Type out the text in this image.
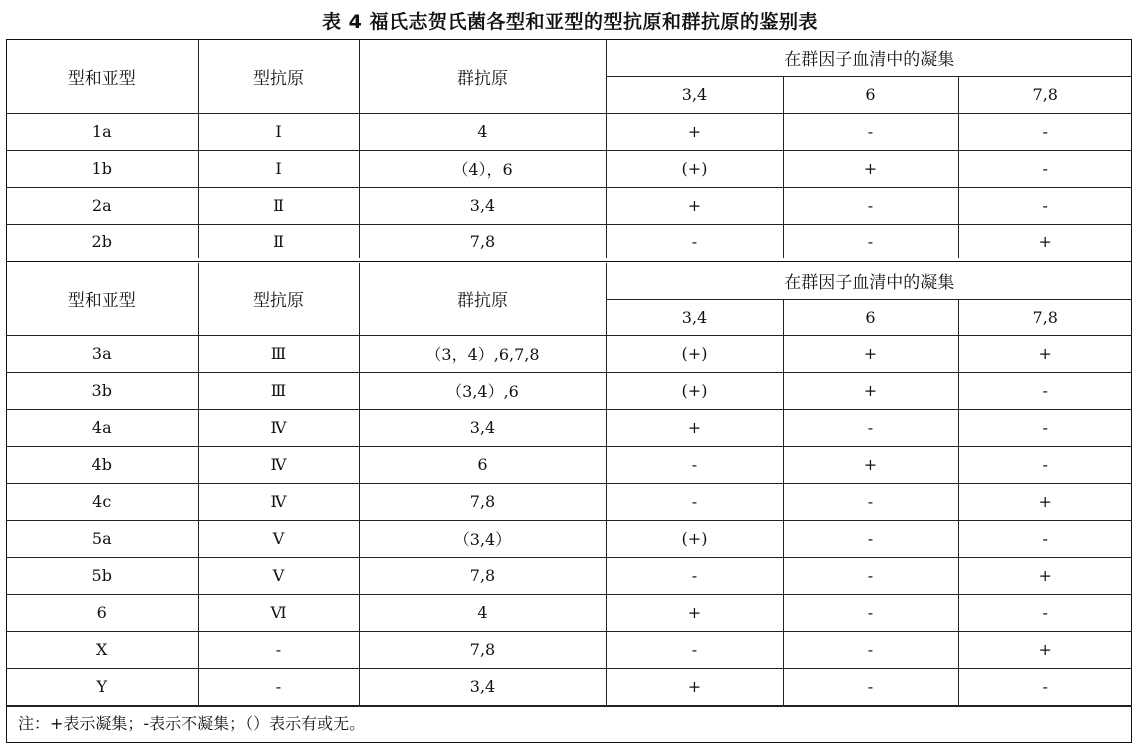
表 4 福氏志贺氏菌各型和亚型的型抗原和群抗原的鉴别表
型和亚型	型抗原	群抗原	在群因子血清中的凝集		
			3,4	6	7,8
1a	Ⅰ	4	+	-	-
1b	Ⅰ	（4），6	(+)	+	-
2a	Ⅱ	3,4	+	-	-
2b	Ⅱ	7,8	-	-	+
型和亚型	型抗原	群抗原	在群因子血清中的凝集		
			3,4	6	7,8
3a	Ⅲ	（3，4）,6,7,8	(+)	+	+
3b	Ⅲ	（3,4）,6	(+)	+	-
4a	Ⅳ	3,4	+	-	-
4b	Ⅳ	6	-	+	-
4c	Ⅳ	7,8	-	-	+
5a	Ⅴ	（3,4）	(+)	-	-
5b	Ⅴ	7,8	-	-	+
6	Ⅵ	4	+	-	-
X	-	7,8	-	-	+
Y	-	3,4	+	-	-
注：+表示凝集；-表示不凝集；（）表示有或无。
